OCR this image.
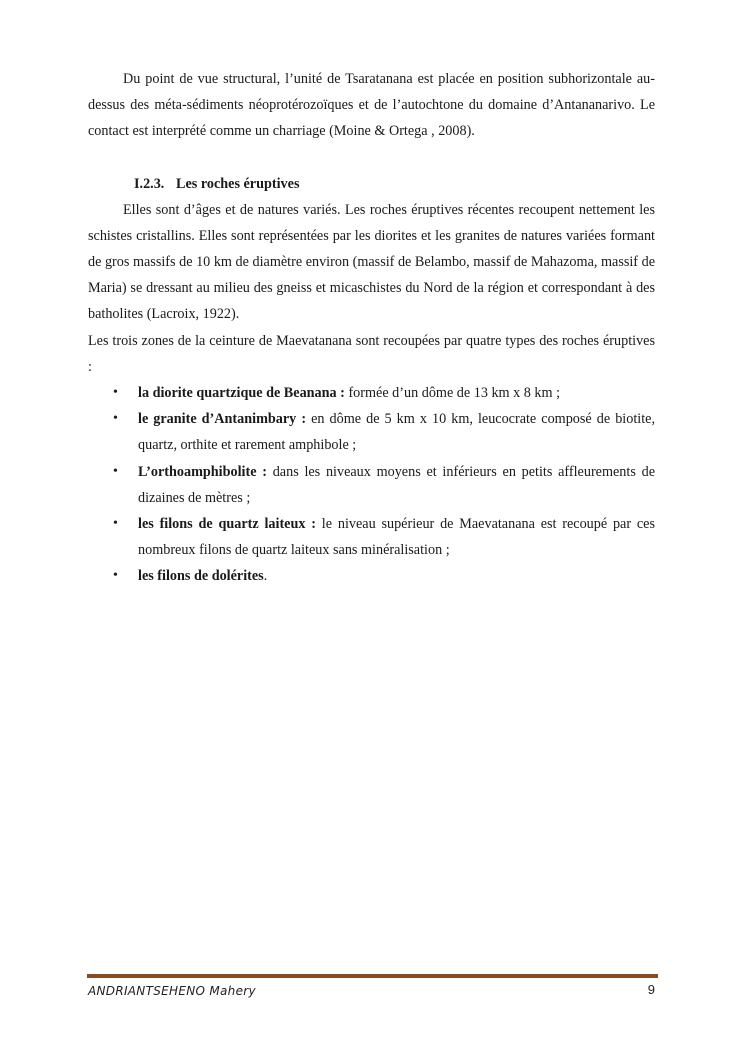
Du point de vue structural, l’unité de Tsaratanana est placée en position subhorizontale au-dessus des méta-sédiments néoprotérozoïques et de l’autochtone du domaine d’Antananarivo. Le contact est interprété comme un charriage (Moine & Ortega , 2008).

I.2.3. Les roches éruptives

Elles sont d’âges et de natures variés. Les roches éruptives récentes recoupent nettement les schistes cristallins. Elles sont représentées par les diorites et les granites de natures variées formant de gros massifs de 10 km de diamètre environ (massif de Belambo, massif de Mahazoma, massif de Maria) se dressant au milieu des gneiss et micaschistes du Nord de la région et correspondant à des batholites (Lacroix, 1922).

Les trois zones de la ceinture de Maevatanana sont recoupées par quatre types des roches éruptives :

• la diorite quartzique de Beanana : formée d’un dôme de 13 km x 8 km ;
• le granite d’Antanimbary : en dôme de 5 km x 10 km, leucocrate composé de biotite, quartz, orthite et rarement amphibole ;
• L’orthoamphibolite : dans les niveaux moyens et inférieurs en petits affleurements de dizaines de mètres ;
• les filons de quartz laiteux : le niveau supérieur de Maevatanana est recoupé par ces nombreux filons de quartz laiteux sans minéralisation ;
• les filons de dolérites.
ANDRIANTSEHENO Mahery	9
